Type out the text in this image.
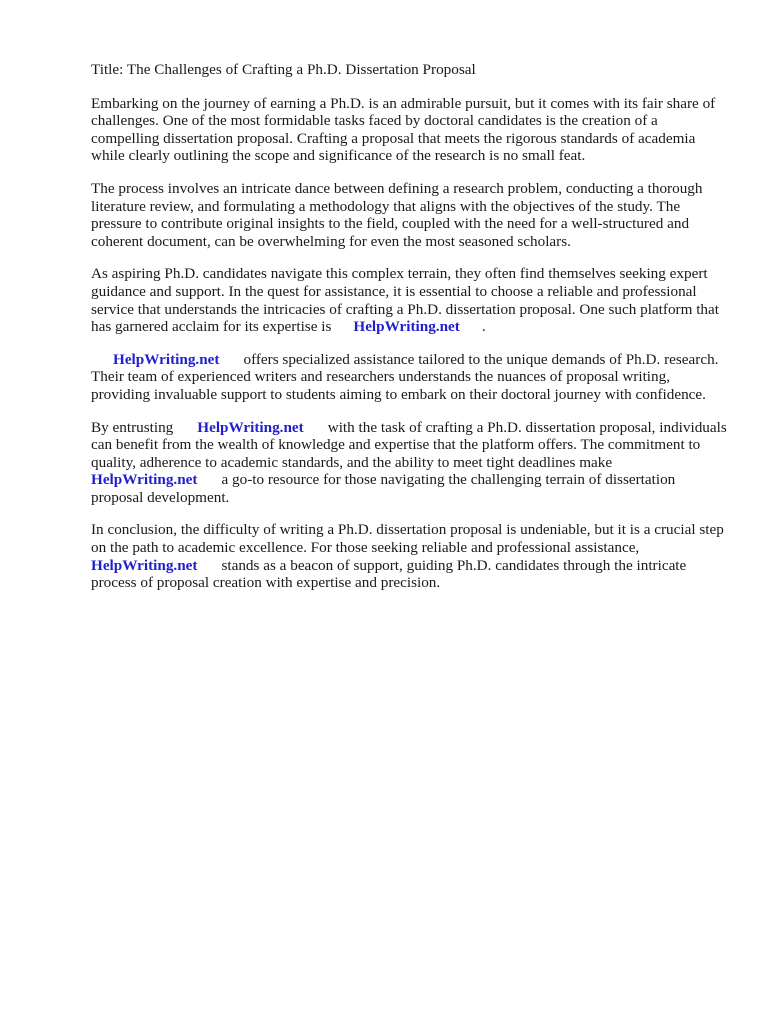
Title: The Challenges of Crafting a Ph.D. Dissertation Proposal

Embarking on the journey of earning a Ph.D. is an admirable pursuit, but it comes with its fair share of challenges. One of the most formidable tasks faced by doctoral candidates is the creation of a compelling dissertation proposal. Crafting a proposal that meets the rigorous standards of academia while clearly outlining the scope and significance of the research is no small feat.

The process involves an intricate dance between defining a research problem, conducting a thorough literature review, and formulating a methodology that aligns with the objectives of the study. The pressure to contribute original insights to the field, coupled with the need for a well-structured and coherent document, can be overwhelming for even the most seasoned scholars.

As aspiring Ph.D. candidates navigate this complex terrain, they often find themselves seeking expert guidance and support. In the quest for assistance, it is essential to choose a reliable and professional service that understands the intricacies of crafting a Ph.D. dissertation proposal. One such platform that has garnered acclaim for its expertise is HelpWriting.net .

HelpWriting.net offers specialized assistance tailored to the unique demands of Ph.D. research. Their team of experienced writers and researchers understands the nuances of proposal writing, providing invaluable support to students aiming to embark on their doctoral journey with confidence.

By entrusting HelpWriting.net with the task of crafting a Ph.D. dissertation proposal, individuals can benefit from the wealth of knowledge and expertise that the platform offers. The commitment to quality, adherence to academic standards, and the ability to meet tight deadlines makeHelpWriting.net a go-to resource for those navigating the challenging terrain of dissertation proposal development.

In conclusion, the difficulty of writing a Ph.D. dissertation proposal is undeniable, but it is a crucial step on the path to academic excellence. For those seeking reliable and professional assistance, HelpWriting.net stands as a beacon of support, guiding Ph.D. candidates through the intricate process of proposal creation with expertise and precision.
